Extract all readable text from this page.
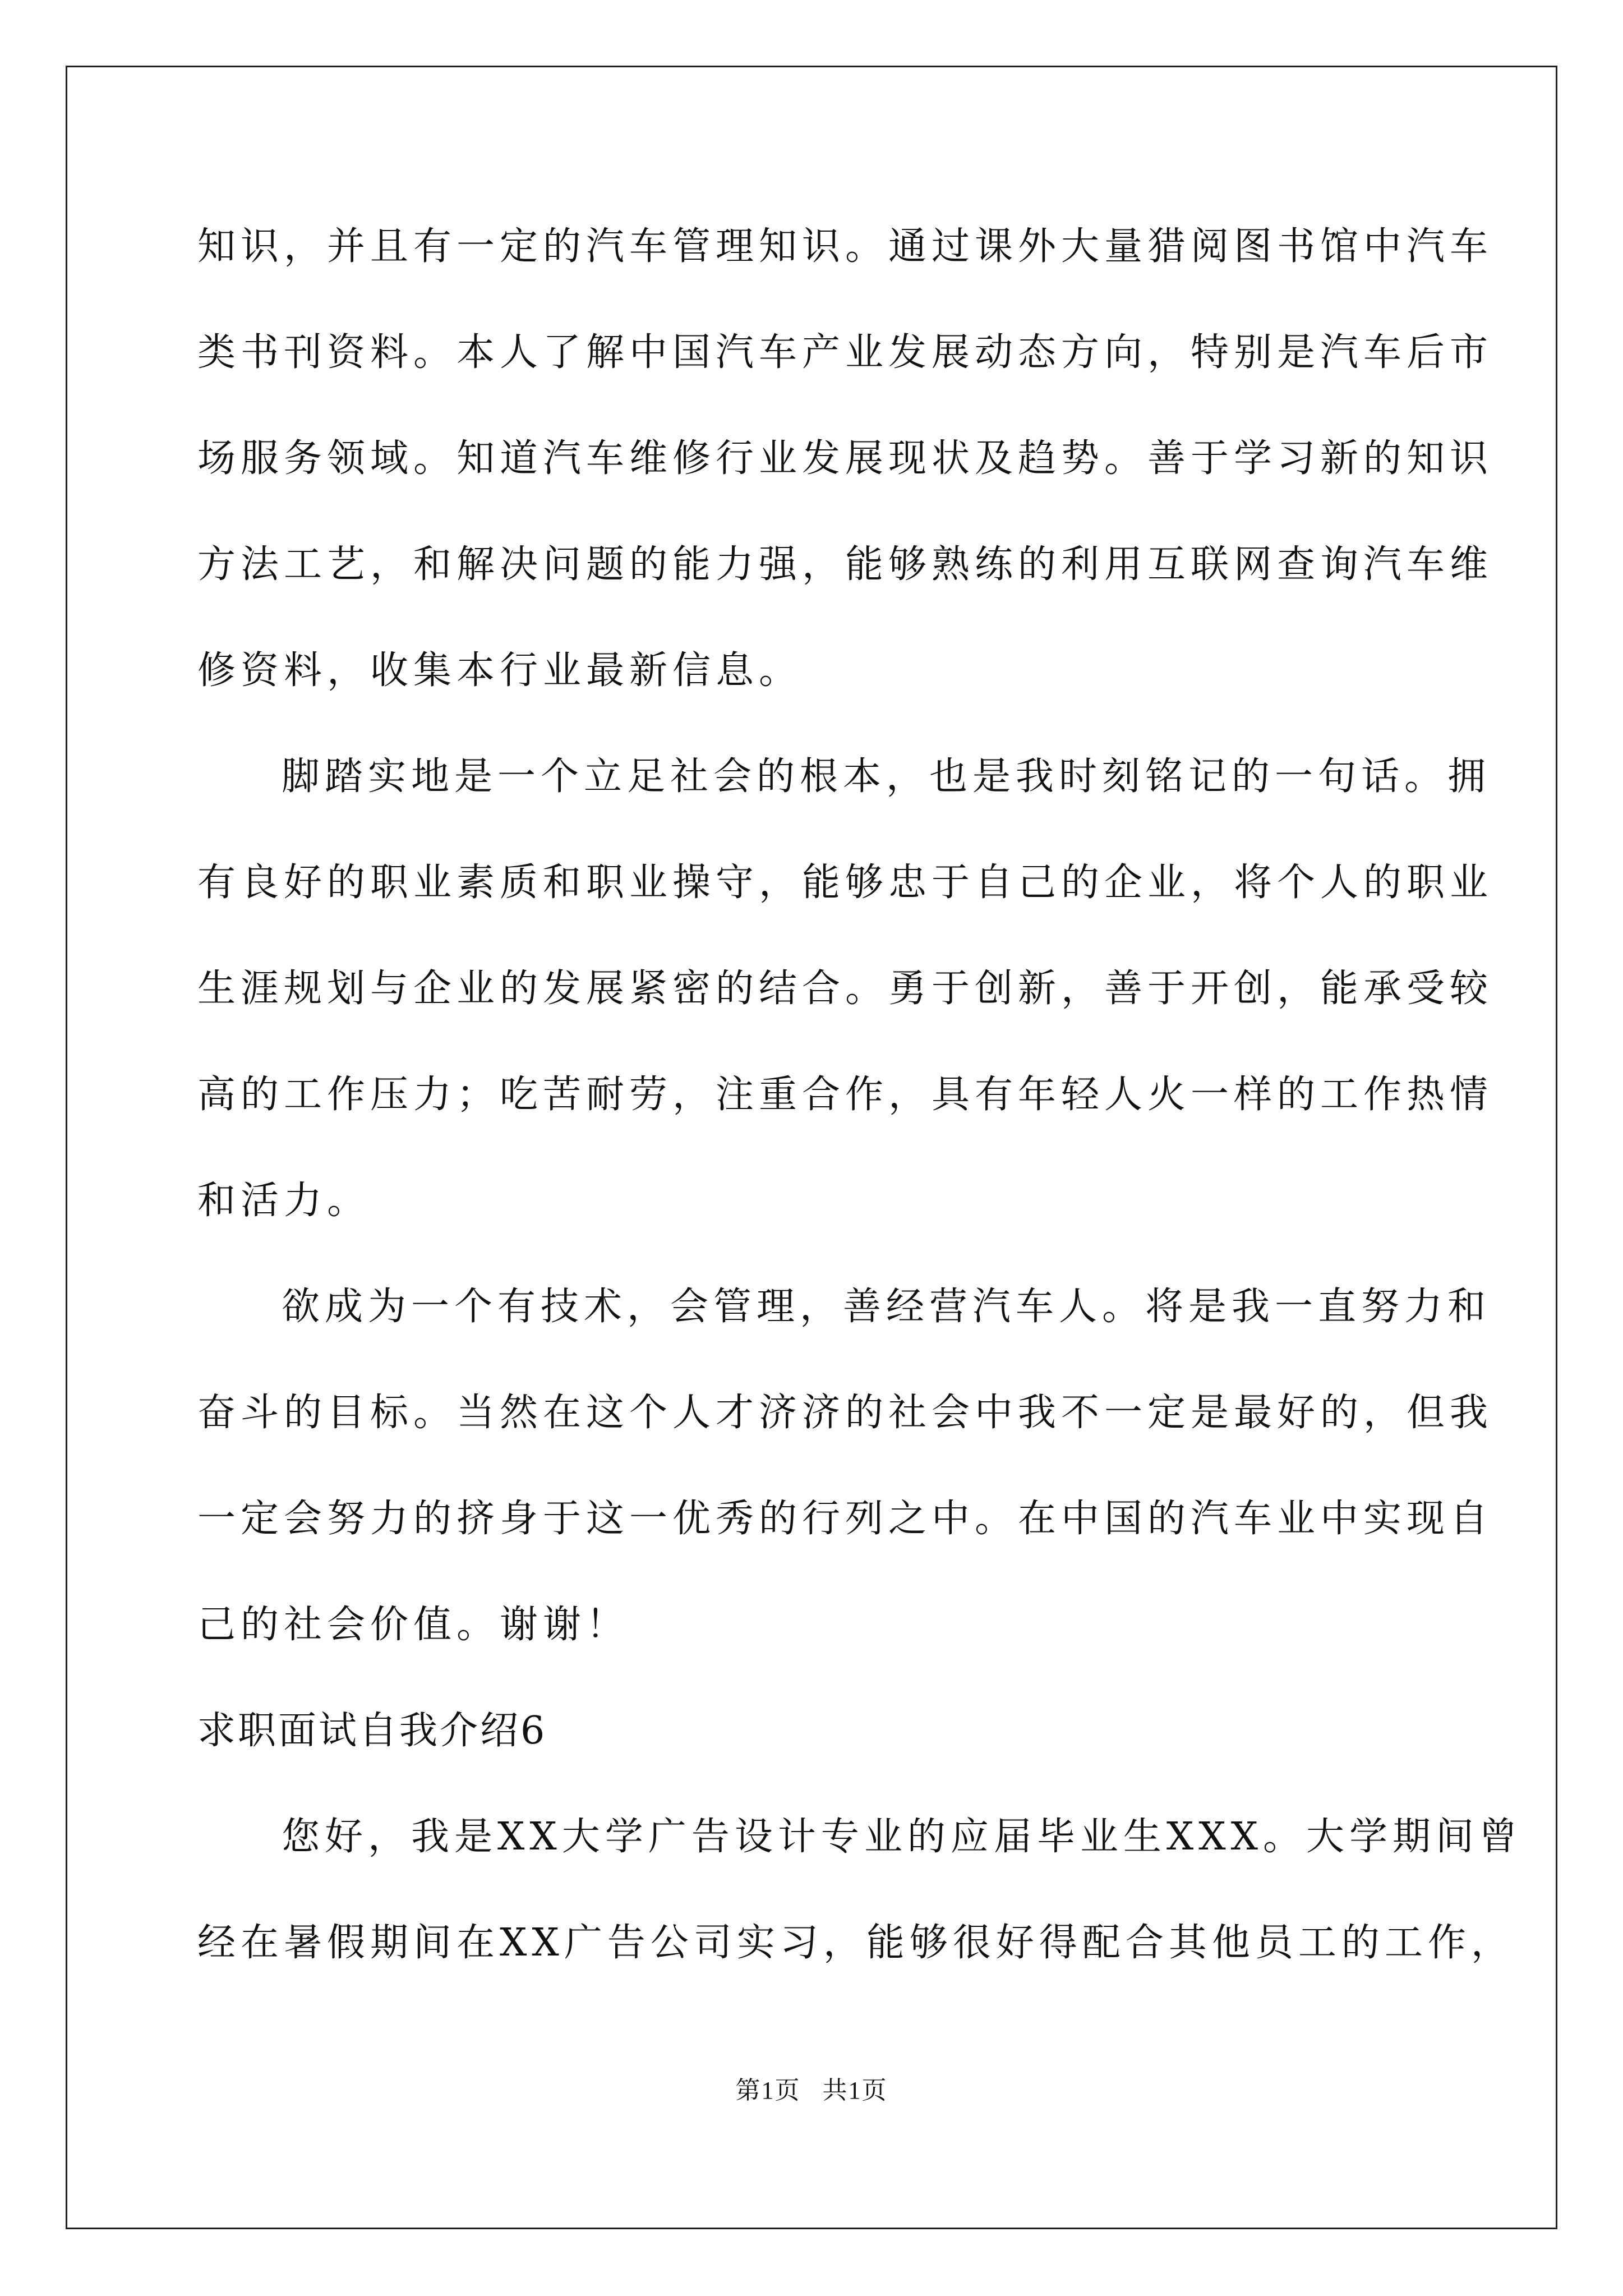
知识，并且有一定的汽车管理知识。通过课外大量猎阅图书馆中汽车
类书刊资料。本人了解中国汽车产业发展动态方向，特别是汽车后市
场服务领域。知道汽车维修行业发展现状及趋势。善于学习新的知识
方法工艺，和解决问题的能力强，能够熟练的利用互联网查询汽车维
修资料，收集本行业最新信息。
脚踏实地是一个立足社会的根本，也是我时刻铭记的一句话。拥
有良好的职业素质和职业操守，能够忠于自己的企业，将个人的职业
生涯规划与企业的发展紧密的结合。勇于创新，善于开创，能承受较
高的工作压力；吃苦耐劳，注重合作，具有年轻人火一样的工作热情
和活力。
欲成为一个有技术，会管理，善经营汽车人。将是我一直努力和
奋斗的目标。当然在这个人才济济的社会中我不一定是最好的，但我
一定会努力的挤身于这一优秀的行列之中。在中国的汽车业中实现自
己的社会价值。谢谢！
求职面试自我介绍6
您好，我是XX大学广告设计专业的应届毕业生XXX。大学期间曾
经在暑假期间在XX广告公司实习，能够很好得配合其他员工的工作，
第1页 共1页
